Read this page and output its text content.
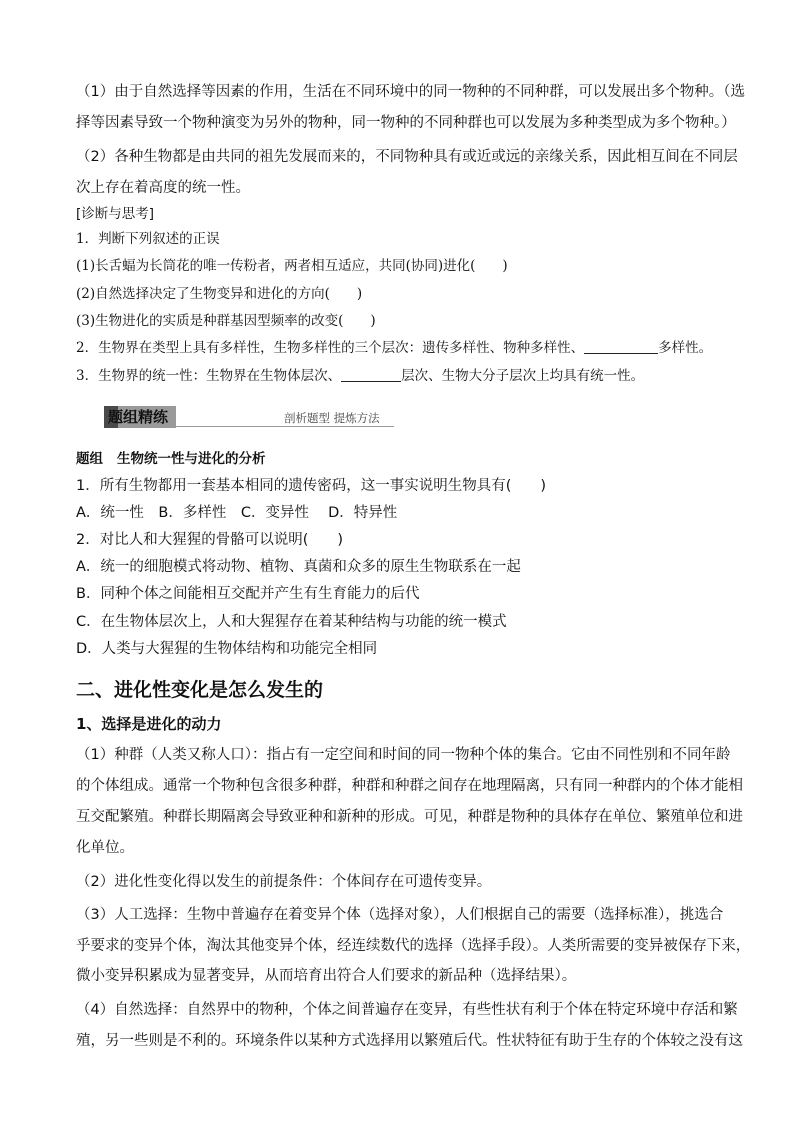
（1）由于自然选择等因素的作用，生活在不同环境中的同一物种的不同种群，可以发展出多个物种。（选
择等因素导致一个物种演变为另外的物种，同一物种的不同种群也可以发展为多种类型成为多个物种。）
（2）各种生物都是由共同的祖先发展而来的，不同物种具有或近或远的亲缘关系，因此相互间在不同层
次上存在着高度的统一性。
[诊断与思考]
1．判断下列叙述的正误
(1)长舌蝠为长筒花的唯一传粉者，两者相互适应，共同(协同)进化(　　)
(2)自然选择决定了生物变异和进化的方向(　　)
(3)生物进化的实质是种群基因型频率的改变(　　)
2．生物界在类型上具有多样性，生物多样性的三个层次：遗传多样性、物种多样性、	多样性。
3．生物界的统一性：生物界在生物体层次、	层次、生物大分子层次上均具有统一性。
题组精练	剖析题型 提炼方法
题组 生物统一性与进化的分析
1．所有生物都用一套基本相同的遗传密码，这一事实说明生物具有(　　)
A．统一性　B．多样性　C．变异性　 D．特异性
2．对比人和大猩猩的骨骼可以说明(　　)
A．统一的细胞模式将动物、植物、真菌和众多的原生生物联系在一起
B．同种个体之间能相互交配并产生有生育能力的后代
C．在生物体层次上，人和大猩猩存在着某种结构与功能的统一模式
D．人类与大猩猩的生物体结构和功能完全相同
二、进化性变化是怎么发生的
1、选择是进化的动力
（1）种群（人类又称人口）：指占有一定空间和时间的同一物种个体的集合。它由不同性别和不同年龄
的个体组成。通常一个物种包含很多种群，种群和种群之间存在地理隔离，只有同一种群内的个体才能相
互交配繁殖。种群长期隔离会导致亚种和新种的形成。可见，种群是物种的具体存在单位、繁殖单位和进
化单位。
（2）进化性变化得以发生的前提条件：个体间存在可遗传变异。
（3）人工选择：生物中普遍存在着变异个体（选择对象），人们根据自己的需要（选择标准），挑选合
乎要求的变异个体，淘汰其他变异个体，经连续数代的选择（选择手段）。人类所需要的变异被保存下来，
微小变异积累成为显著变异，从而培育出符合人们要求的新品种（选择结果）。
（4）自然选择：自然界中的物种，个体之间普遍存在变异，有些性状有利于个体在特定环境中存活和繁
殖，另一些则是不利的。环境条件以某种方式选择用以繁殖后代。性状特征有助于生存的个体较之没有这
